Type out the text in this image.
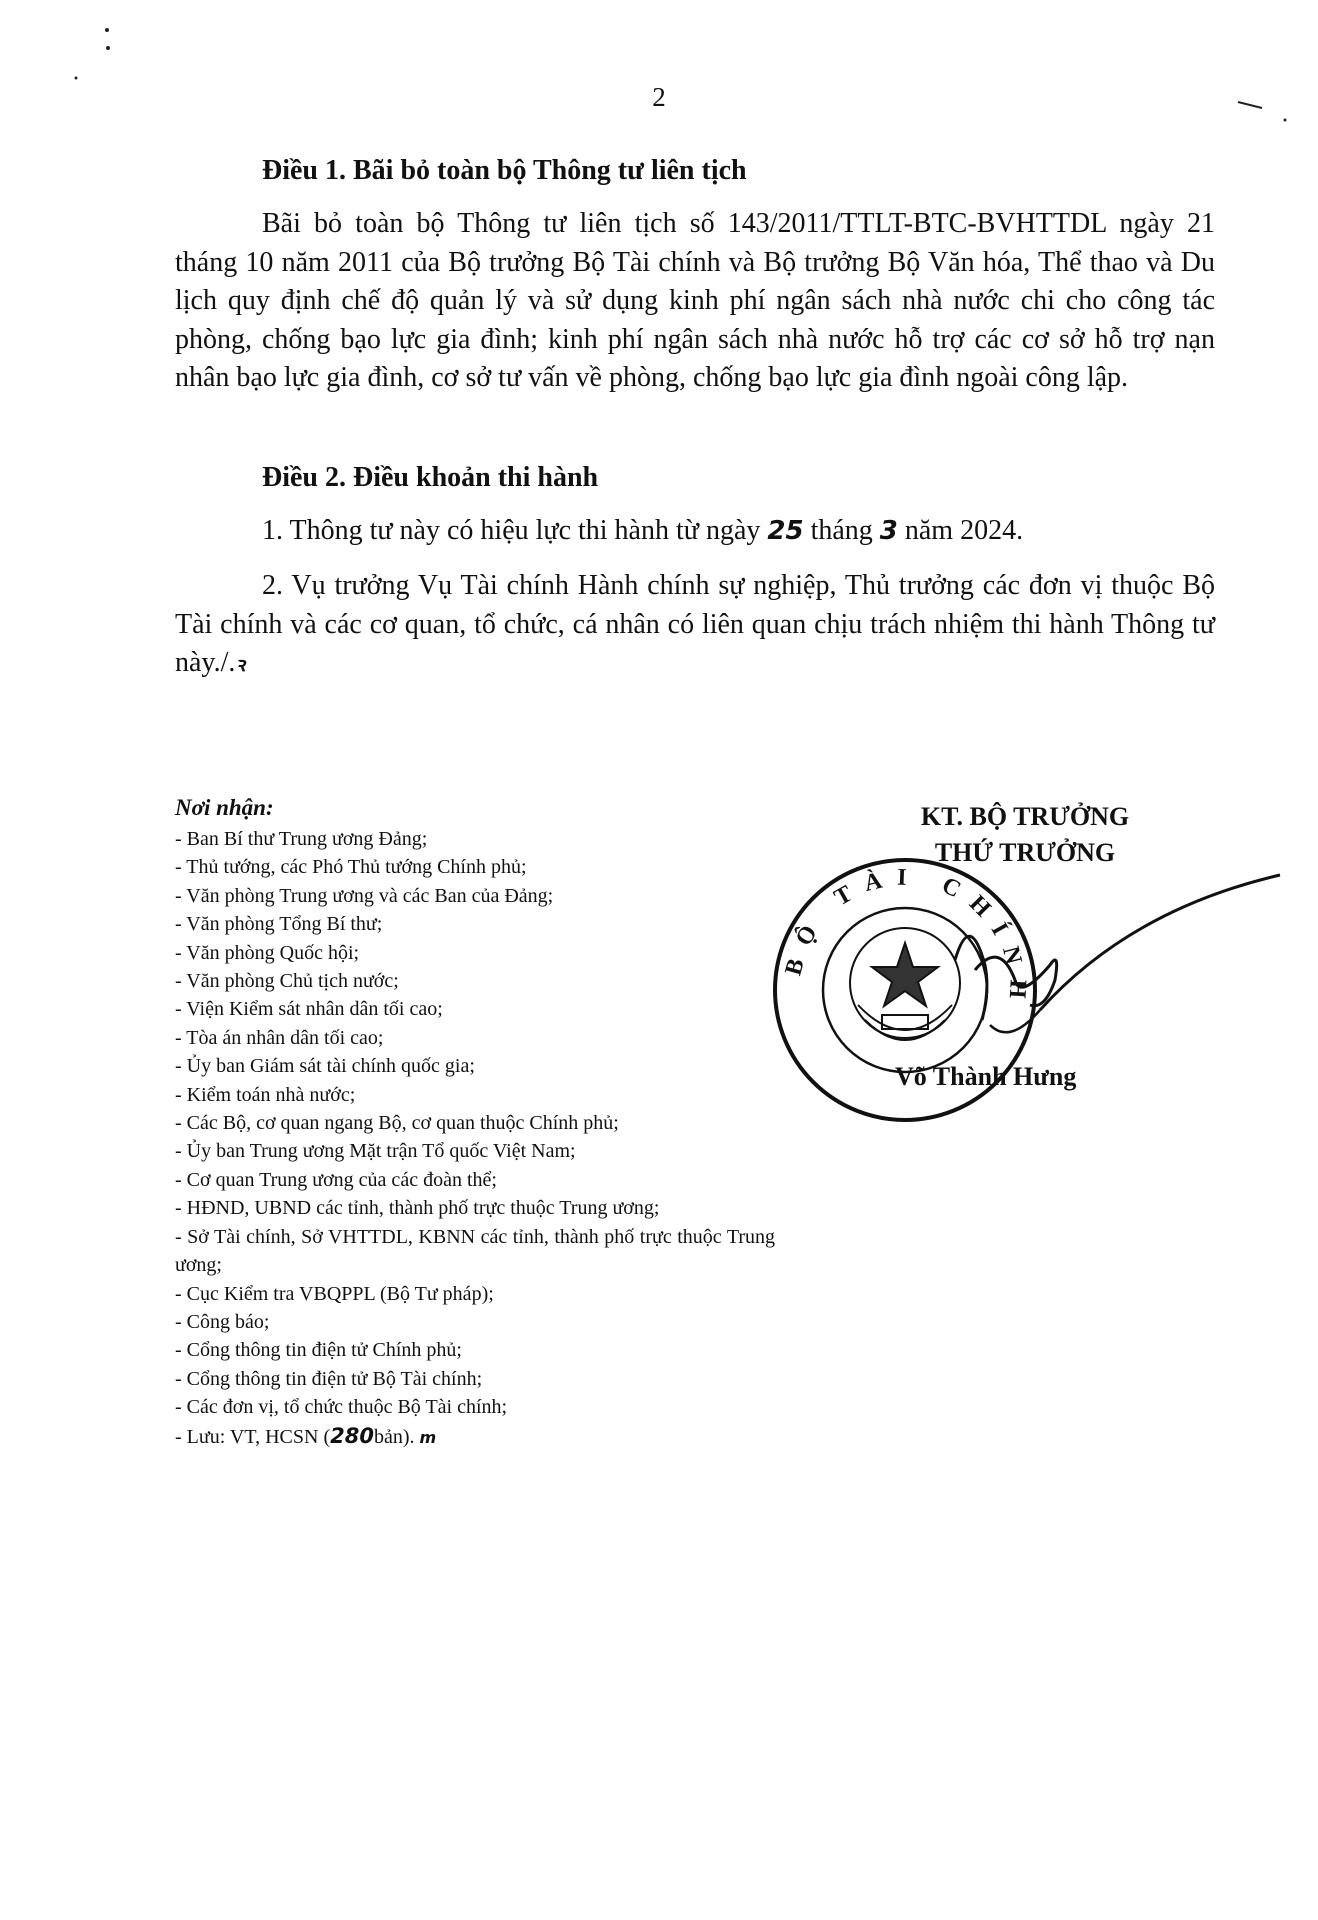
2
Điều 1. Bãi bỏ toàn bộ Thông tư liên tịch
Bãi bỏ toàn bộ Thông tư liên tịch số 143/2011/TTLT-BTC-BVHTTDL ngày 21 tháng 10 năm 2011 của Bộ trưởng Bộ Tài chính và Bộ trưởng Bộ Văn hóa, Thể thao và Du lịch quy định chế độ quản lý và sử dụng kinh phí ngân sách nhà nước chi cho công tác phòng, chống bạo lực gia đình; kinh phí ngân sách nhà nước hỗ trợ các cơ sở hỗ trợ nạn nhân bạo lực gia đình, cơ sở tư vấn về phòng, chống bạo lực gia đình ngoài công lập.
Điều 2. Điều khoản thi hành
1. Thông tư này có hiệu lực thi hành từ ngày 25 tháng 3 năm 2024.
2. Vụ trưởng Vụ Tài chính Hành chính sự nghiệp, Thủ trưởng các đơn vị thuộc Bộ Tài chính và các cơ quan, tổ chức, cá nhân có liên quan chịu trách nhiệm thi hành Thông tư này./.ꝛ
Nơi nhận:
- Ban Bí thư Trung ương Đảng;
- Thủ tướng, các Phó Thủ tướng Chính phủ;
- Văn phòng Trung ương và các Ban của Đảng;
- Văn phòng Tổng Bí thư;
- Văn phòng Quốc hội;
- Văn phòng Chủ tịch nước;
- Viện Kiểm sát nhân dân tối cao;
- Tòa án nhân dân tối cao;
- Ủy ban Giám sát tài chính quốc gia;
- Kiểm toán nhà nước;
- Các Bộ, cơ quan ngang Bộ, cơ quan thuộc Chính phủ;
- Ủy ban Trung ương Mặt trận Tổ quốc Việt Nam;
- Cơ quan Trung ương của các đoàn thể;
- HĐND, UBND các tỉnh, thành phố trực thuộc Trung ương;
- Sở Tài chính, Sở VHTTDL, KBNN các tỉnh, thành phố trực thuộc Trung ương;
- Cục Kiểm tra VBQPPL (Bộ Tư pháp);
- Công báo;
- Cổng thông tin điện tử Chính phủ;
- Cổng thông tin điện tử Bộ Tài chính;
- Các đơn vị, tổ chức thuộc Bộ Tài chính;
- Lưu: VT, HCSN (280bản). m
KT. BỘ TRƯỞNG
THỨ TRƯỞNG
BỘ TÀI CHÍNH
Võ Thành Hưng
